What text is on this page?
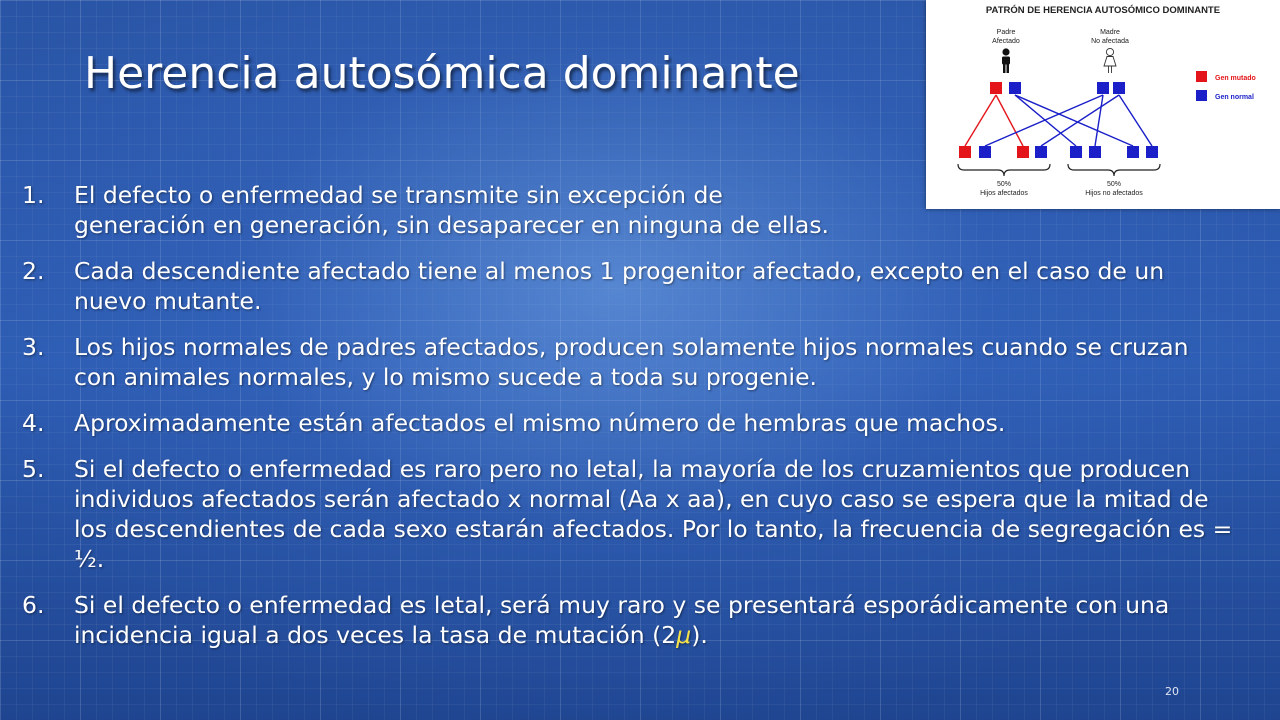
Herencia autosómica dominante
1. El defecto o enfermedad se transmite sin excepción de
generación en generación, sin desaparecer en ninguna de ellas.
2. Cada descendiente afectado tiene al menos 1 progenitor afectado, excepto en el caso de un nuevo mutante.
3. Los hijos normales de padres afectados, producen solamente hijos normales cuando se cruzan con animales normales, y lo mismo sucede a toda su progenie.
4. Aproximadamente están afectados el mismo número de hembras que machos.
5. Si el defecto o enfermedad es raro pero no letal, la mayoría de los cruzamientos que producen individuos afectados serán afectado x normal (Aa x aa), en cuyo caso se espera que la mitad de los descendientes de cada sexo estarán afectados. Por lo tanto, la frecuencia de segregación es = ½.
6. Si el defecto o enfermedad es letal, será muy raro y se presentará esporádicamente con una incidencia igual a dos veces la tasa de mutación (2μ).
20
PATRÓN DE HERENCIA AUTOSÓMICO DOMINANTE
Padre
Afectado
Madre
No afectada
50%
Hijos afectados
50%
Hijos no afectados
Gen mutado
Gen normal
